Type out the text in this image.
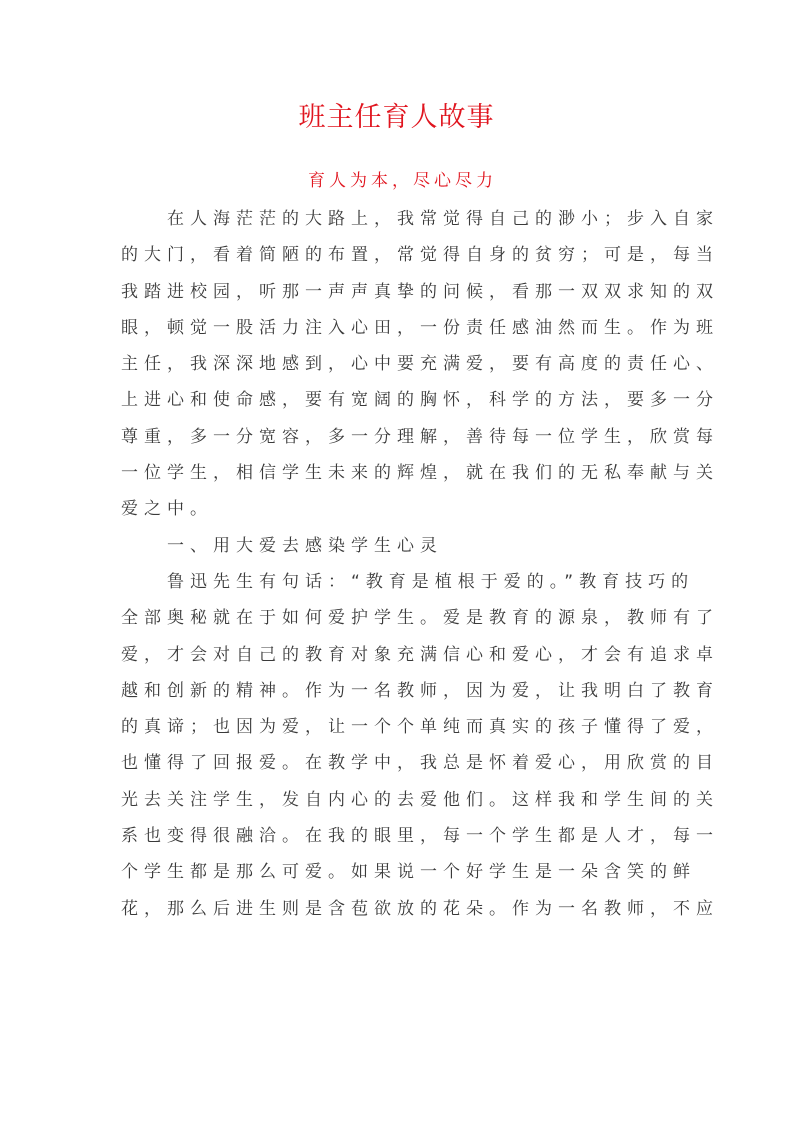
班主任育人故事
育人为本，尽心尽力
在人海茫茫的大路上，我常觉得自己的渺小；步入自家
的大门，看着简陋的布置，常觉得自身的贫穷；可是，每当
我踏进校园，听那一声声真挚的问候，看那一双双求知的双
眼，顿觉一股活力注入心田，一份责任感油然而生。作为班
主任，我深深地感到，心中要充满爱，要有高度的责任心、
上进心和使命感，要有宽阔的胸怀，科学的方法，要多一分
尊重，多一分宽容，多一分理解，善待每一位学生，欣赏每
一位学生，相信学生未来的辉煌，就在我们的无私奉献与关
爱之中。
一、用大爱去感染学生心灵
鲁迅先生有句话：“教育是植根于爱的。”教育技巧的
全部奥秘就在于如何爱护学生。爱是教育的源泉，教师有了
爱，才会对自己的教育对象充满信心和爱心，才会有追求卓
越和创新的精神。作为一名教师，因为爱，让我明白了教育
的真谛；也因为爱，让一个个单纯而真实的孩子懂得了爱，
也懂得了回报爱。在教学中，我总是怀着爱心，用欣赏的目
光去关注学生，发自内心的去爱他们。这样我和学生间的关
系也变得很融洽。在我的眼里，每一个学生都是人才，每一
个学生都是那么可爱。如果说一个好学生是一朵含笑的鲜
花，那么后进生则是含苞欲放的花朵。作为一名教师，不应
